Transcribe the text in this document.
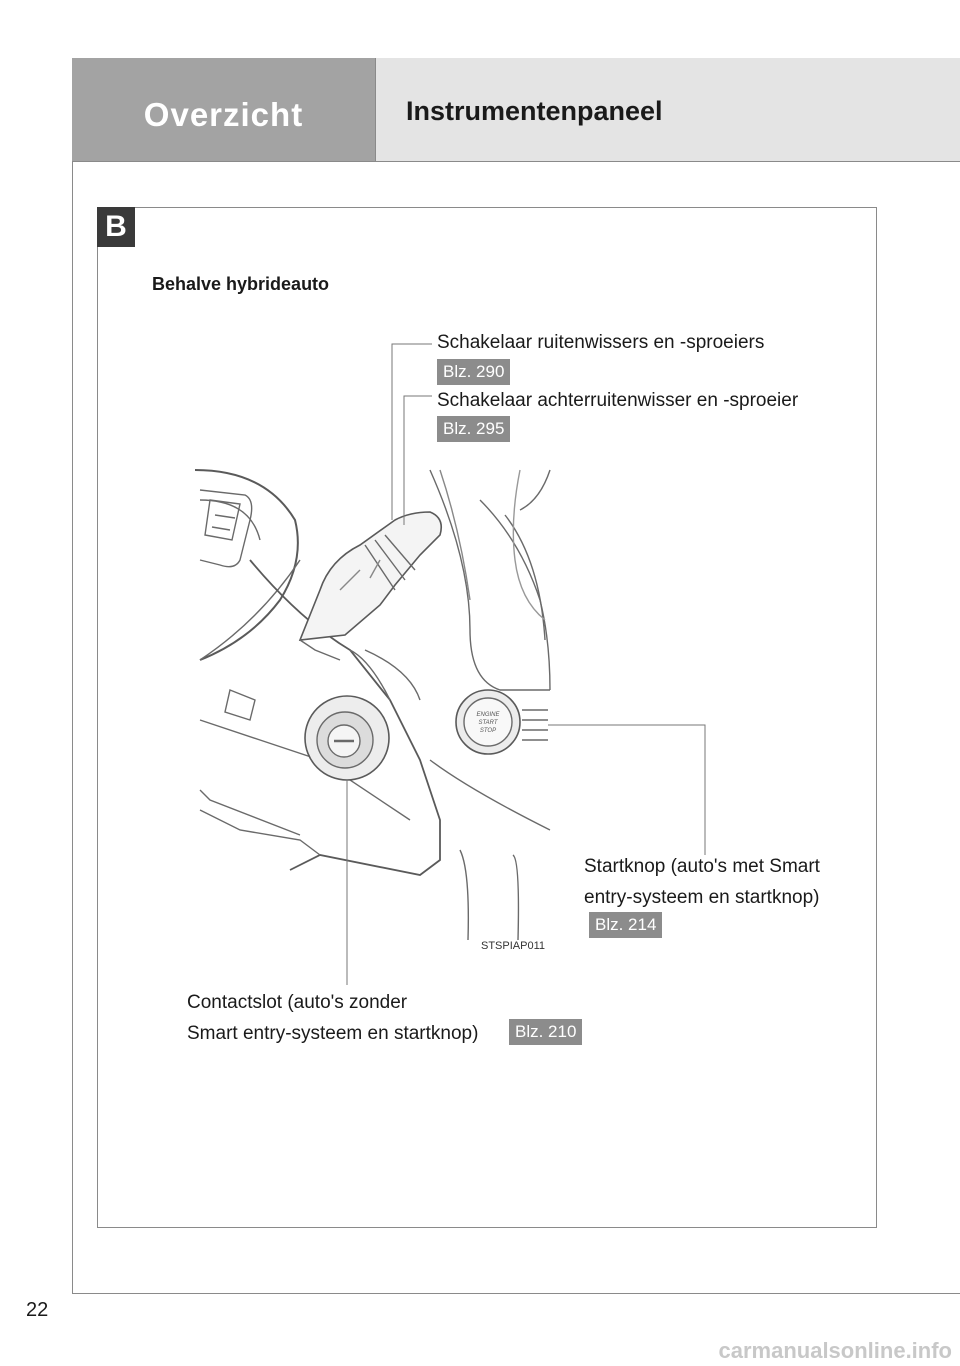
Overzicht	Instrumentenpaneel
B
Behalve hybrideauto
ENGINE
START
STOP
Schakelaar ruitenwissers en -sproeiers
Blz. 290
Schakelaar achterruitenwisser en -sproeier
Blz. 295
Startknop (auto's met Smart
entry-systeem en startknop)
Blz. 214
Contactslot (auto's zonder
Smart entry-systeem en startknop)	Blz. 210
STSPIAP011
22
carmanualsonline.info
